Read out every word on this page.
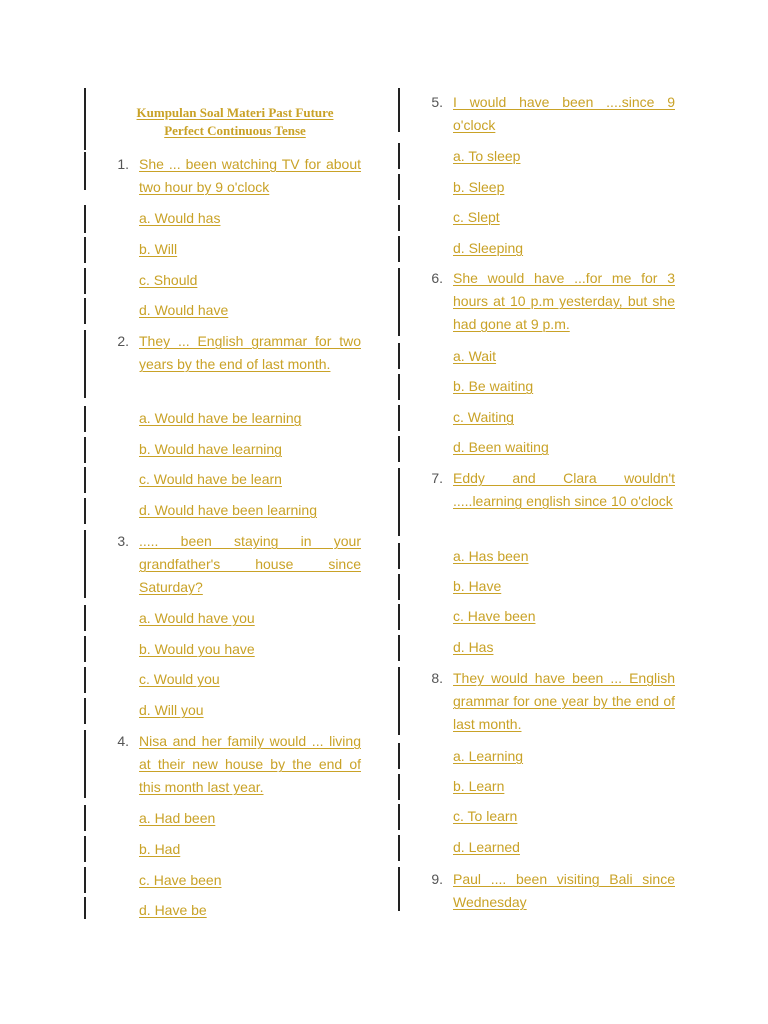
Kumpulan Soal Materi Past Future
Perfect Continuous Tense
1. She ... been watching TV for about two hour by 9 o'clock
a. Would has
b. Will
c. Should
d. Would have
2. They ... English grammar for two years by the end of last month.
a. Would have be learning
b. Would have learning
c. Would have be learn
d. Would have been learning
3. ..... been staying in your grandfather's house since Saturday?
a. Would have you
b. Would you have
c. Would you
d. Will you
4. Nisa and her family would ... living at their new house by the end of this month last year.
a. Had been
b. Had
c. Have been
d. Have be
5. I would have been ....since 9 o'clock
a. To sleep
b. Sleep
c. Slept
d. Sleeping
6. She would have ...for me for 3 hours at 10 p.m yesterday, but she had gone at 9 p.m.
a. Wait
b. Be waiting
c. Waiting
d. Been waiting
7. Eddy and Clara wouldn't .....learning english since 10 o'clock
a. Has been
b. Have
c. Have been
d. Has
8. They would have been ... English grammar for one year by the end of last month.
a. Learning
b. Learn
c. To learn
d. Learned
9. Paul .... been visiting Bali since Wednesday
